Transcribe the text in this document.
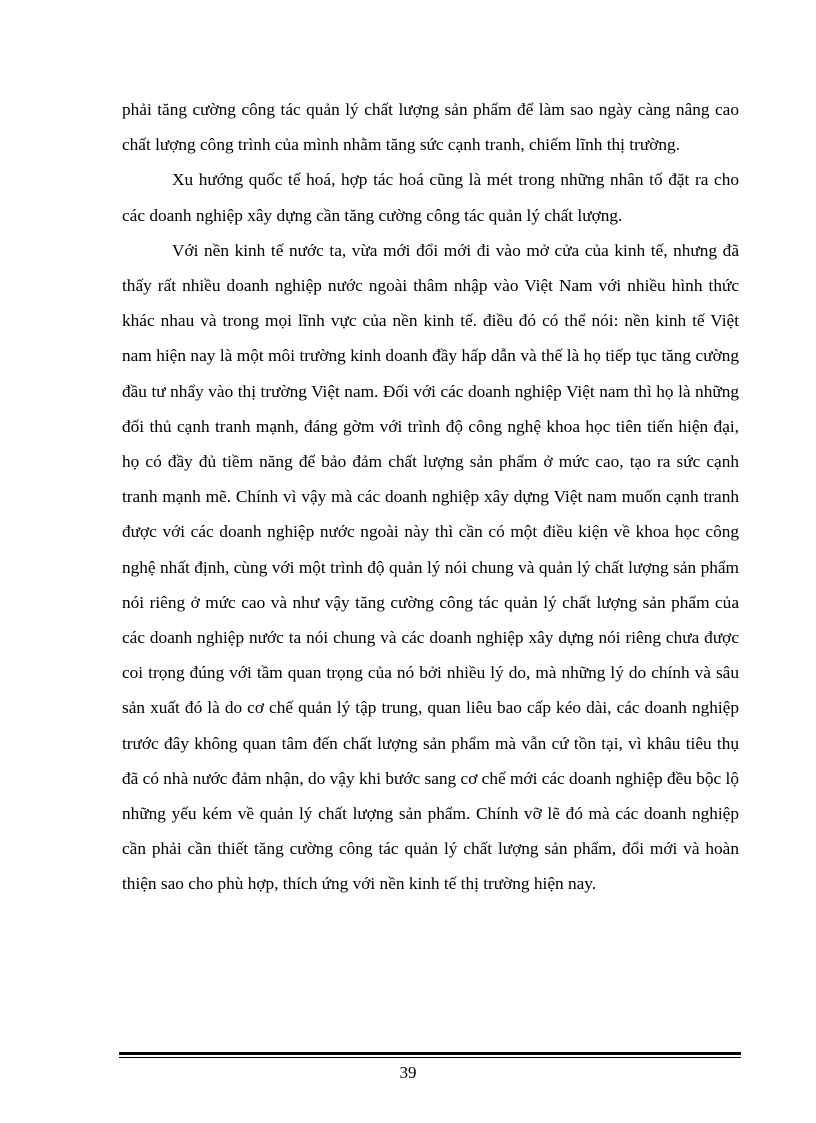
phải tăng cường công tác quản lý chất lượng sản phẩm để làm sao ngày càng nâng cao chất lượng công trình của mình nhằm tăng sức cạnh tranh, chiếm lĩnh thị trường.

Xu hướng quốc tế hoá, hợp tác hoá cũng là mét trong những nhân tố đặt ra cho các doanh nghiệp xây dựng cần tăng cường công tác quản lý chất lượng.

Với nền kinh tế nước ta, vừa mới đổi mới đi vào mở cửa của kinh tế, nhưng đã thấy rất nhiều doanh nghiệp nước ngoài thâm nhập vào Việt Nam với nhiều hình thức khác nhau và trong mọi lĩnh vực của nền kinh tế. điều đó có thể nói: nền kinh tế Việt nam hiện nay là một môi trường kinh doanh đầy hấp dẫn và thế là họ tiếp tục tăng cường đầu tư nhẩy vào thị trường Việt nam. Đối với các doanh nghiệp Việt nam thì họ là những đối thủ cạnh tranh mạnh, đáng gờm với trình độ công nghệ khoa học tiên tiến hiện đại, họ có đầy đủ tiềm năng để bảo đảm chất lượng sản phẩm ở mức cao, tạo ra sức cạnh tranh mạnh mẽ. Chính vì vậy mà các doanh nghiệp xây dựng Việt nam muốn cạnh tranh được với các doanh nghiệp nước ngoài này thì cần có một điều kiện về khoa học công nghệ nhất định, cùng với một trình độ quản lý nói chung và quản lý chất lượng sản phẩm nói riêng ở mức cao và như vậy tăng cường công tác quản lý chất lượng sản phẩm của các doanh nghiệp nước ta nói chung và các doanh nghiệp xây dựng nói riêng chưa được coi trọng đúng với tầm quan trọng của nó bởi nhiều lý do, mà những lý do chính và sâu sản xuất đó là do cơ chế quản lý tập trung, quan liêu bao cấp kéo dài, các doanh nghiệp trước đây không quan tâm đến chất lượng sản phẩm mà vẫn cứ tồn tại, vì khâu tiêu thụ đã có nhà nước đảm nhận, do vậy khi bước sang cơ chế mới các doanh nghiệp đều bộc lộ những yếu kém về quản lý chất lượng sản phẩm. Chính vỡ lẽ đó mà các doanh nghiệp cần phải cần thiết tăng cường công tác quản lý chất lượng sản phẩm, đổi mới và hoàn thiện sao cho phù hợp, thích ứng với nền kinh tế thị trường hiện nay.

39
